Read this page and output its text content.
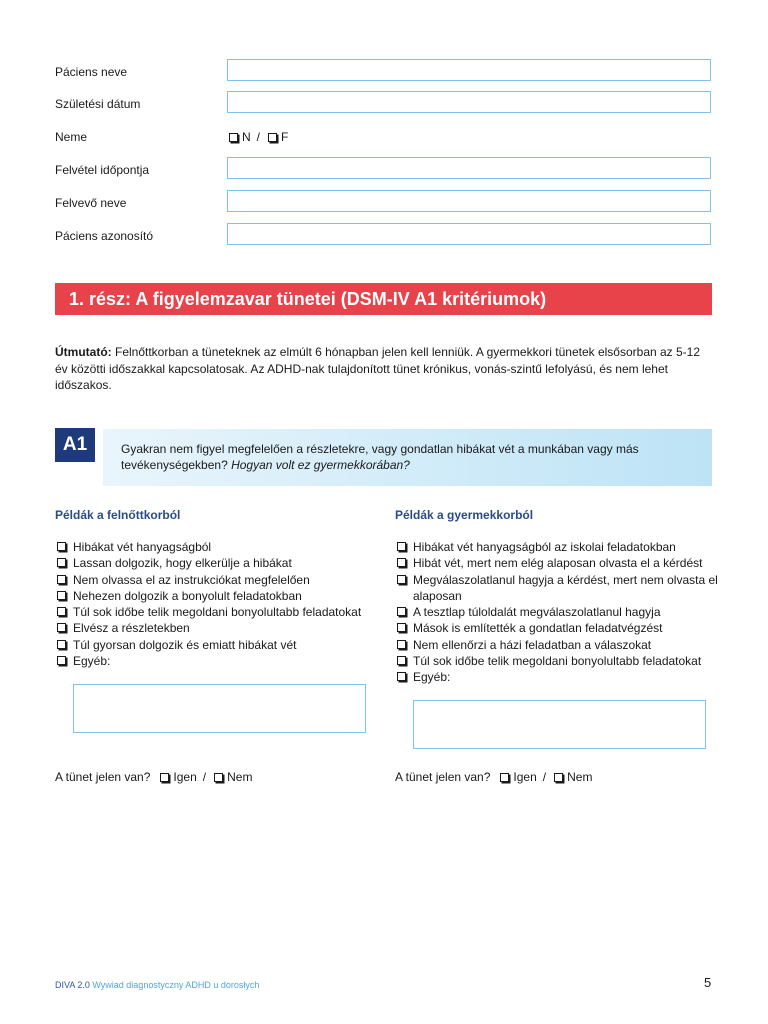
Páciens neve
Születési dátum
Neme	N / F
Felvétel időpontja
Felvevő neve
Páciens azonosító
1. rész: A figyelemzavar tünetei (DSM-IV A1 kritériumok)
Útmutató: Felnőttkorban a tüneteknek az elmúlt 6 hónapban jelen kell lenniük. A gyermekkori tünetek elsősorban az 5-12 év közötti időszakkal kapcsolatosak. Az ADHD-nak tulajdonított tünet krónikus, vonás-szintű lefolyású, és nem lehet időszakos.
A1	Gyakran nem figyel megfelelően a részletekre, vagy gondatlan hibákat vét a munkában vagy más tevékenységekben? Hogyan volt ez gyermekkorában?
Példák a felnőttkorból
Hibákat vét hanyagságból
Lassan dolgozik, hogy elkerülje a hibákat
Nem olvassa el az instrukciókat megfelelően
Nehezen dolgozik a bonyolult feladatokban
Túl sok időbe telik megoldani bonyolultabb feladatokat
Elvész a részletekben
Túl gyorsan dolgozik és emiatt hibákat vét
Egyéb:
A tünet jelen van? Igen / Nem
Példák a gyermekkorból
Hibákat vét hanyagságból az iskolai feladatokban
Hibát vét, mert nem elég alaposan olvasta el a kérdést
Megválaszolatlanul hagyja a kérdést, mert nem olvasta el alaposan
A tesztlap túloldalát megválaszolatlanul hagyja
Mások is említették a gondatlan feladatvégzést
Nem ellenőrzi a házi feladatban a válaszokat
Túl sok időbe telik megoldani bonyolultabb feladatokat
Egyéb:
A tünet jelen van? Igen / Nem
DIVA 2.0 Wywiad diagnostyczny ADHD u dorosłych	5
